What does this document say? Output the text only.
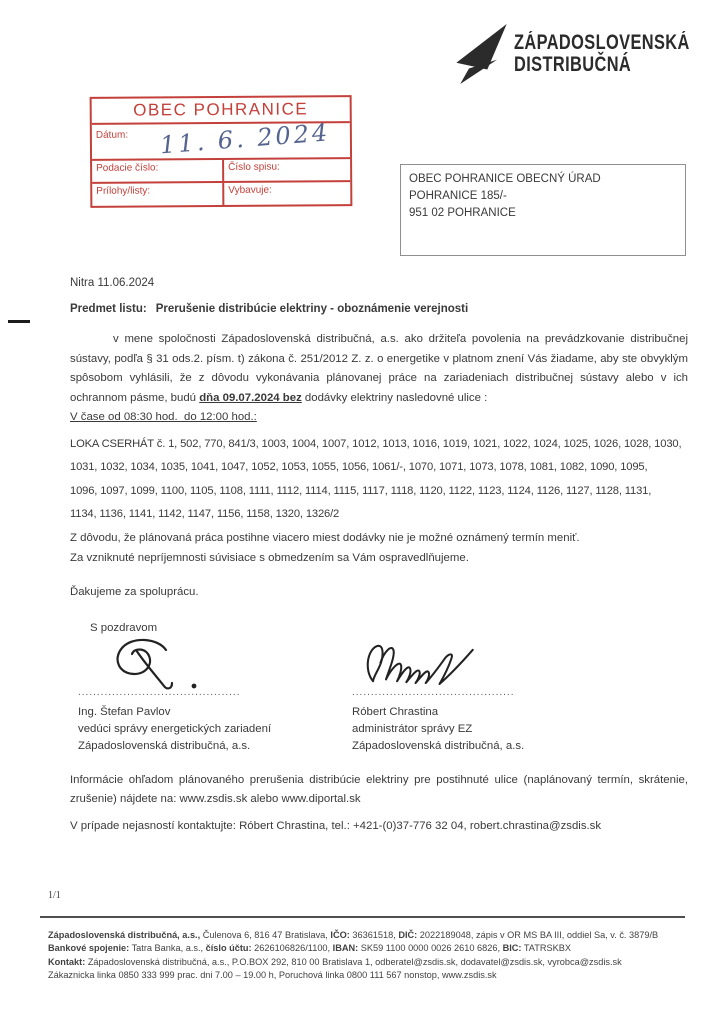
ZÁPADOSLOVENSKÁ
DISTRIBUČNÁ
OBEC POHRANICE
Dátum: 11. 6. 2024
Podacie číslo:	Číslo spisu:
Prílohy/listy:	Vybavuje:
OBEC POHRANICE OBECNÝ ÚRAD
POHRANICE 185/-
951 02 POHRANICE
Nitra 11.06.2024
Predmet listu: Prerušenie distribúcie elektriny - oboznámenie verejnosti

v mene spoločnosti Západoslovenská distribučná, a.s. ako držiteľa povolenia na prevádzkovanie distribučnej sústavy, podľa § 31 ods.2. písm. t) zákona č. 251/2012 Z. z. o energetike v platnom znení Vás žiadame, aby ste obvyklým spôsobom vyhlásili, že z dôvodu vykonávania plánovanej práce na zariadeniach distribučnej sústavy alebo v ich ochrannom pásme, budú dňa 09.07.2024 bez dodávky elektriny nasledovné ulice :

V čase od 08:30 hod.  do 12:00 hod.:
LOKA CSERHÁT č. 1, 502, 770, 841/3, 1003, 1004, 1007, 1012, 1013, 1016, 1019, 1021, 1022, 1024, 1025, 1026, 1028, 1030,
1031, 1032, 1034, 1035, 1041, 1047, 1052, 1053, 1055, 1056, 1061/-, 1070, 1071, 1073, 1078, 1081, 1082, 1090, 1095,
1096, 1097, 1099, 1100, 1105, 1108, 1111, 1112, 1114, 1115, 1117, 1118, 1120, 1122, 1123, 1124, 1126, 1127, 1128, 1131,
1134, 1136, 1141, 1142, 1147, 1156, 1158, 1320, 1326/2
Z dôvodu, že plánovaná práca postihne viacero miest dodávky nie je možné oznámený termín meniť.
Za vzniknuté nepríjemnosti súvisiace s obmedzením sa Vám ospravedlňujeme.
Ďakujeme za spoluprácu.
S pozdravom
...........................................
Ing. Štefan Pavlov
vedúci správy energetických zariadení
Západoslovenská distribučná, a.s.
...........................................
Róbert Chrastina
administrátor správy EZ
Západoslovenská distribučná, a.s.

Informácie ohľadom plánovaného prerušenia distribúcie elektriny pre postihnuté ulice (naplánovaný termín, skrátenie, zrušenie) nájdete na: www.zsdis.sk alebo www.diportal.sk

V prípade nejasností kontaktujte: Róbert Chrastina, tel.: +421-(0)37-776 32 04, robert.chrastina@zsdis.sk
1/1
Západoslovenská distribučná, a.s., Čulenova 6, 816 47 Bratislava, IČO: 36361518, DIČ: 2022189048, zápis v OR MS BA III, oddiel Sa, v. č. 3879/B
Bankové spojenie: Tatra Banka, a.s., číslo účtu: 2626106826/1100, IBAN: SK59 1100 0000 0026 2610 6826, BIC: TATRSKBX
Kontakt: Západoslovenská distribučná, a.s., P.O.BOX 292, 810 00 Bratislava 1, odberatel@zsdis.sk, dodavatel@zsdis.sk, vyrobca@zsdis.sk
Zákaznicka linka 0850 333 999 prac. dni 7.00 – 19.00 h, Poruchová linka 0800 111 567 nonstop, www.zsdis.sk
